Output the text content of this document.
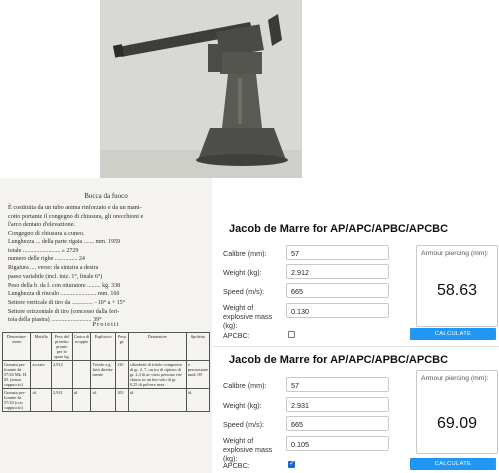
Bocca da fuoco
È costituita da un tubo anima rinforzato e da un mani-
cotto portante il congegno di chiusura, gli orecchioni e
l'arco dentato d'elevazione.
Congegno di chiusura a cuneo.
Lunghezza ... della parte rigata ....... mm. 1959
totale ......................... » 2729
numero delle righe ............... 24
Rigatura .... verso: da sinistra a destra
passo variabile (incl. iniz. 1°, finale 6°)
Peso della b. da f. con otturatore ......... kg. 338
Lunghezza di rinculo ........................ mm. 160
Settore verticale di tiro da .............. −10° a + 15°
Settore orizzontale di tiro (concesso dalla feri-
toia della piastra) ........................... 39°
Proietti
Denomina-zione	Metallo	Peso del proietto pronto per lo sparo kg.	Carica di scoppio	Esplosivo	Peso gr.	Detonatore	Spoletta
Granata per-forante da 57/43 Mk. H. M. (senza cappuccio)	acciaio	2,912		Tritolo a g. fuso diretta-mente	130	cilindretti di tritolo compresso di gr. 2, 7, carico di ripieno di gr. 2,4 di ac-ciaio pressato rin-chiuso in un bos-solo di gr. 0,25 di polvere nera	a percussione mod. 09
Granata per-forante da 57/43 (con cappuccio)	id.	2,931	id.	id.	105	id.	id.
Jacob de Marre for AP/APC/APBC/APCBC
Calibre (mm):	57
Weight (kg):	2.912
Speed (m/s):	665
Weight of explosive mass (kg):
0.130
APCBC:
Armour piercing (mm):
58.63
CALCULATE
Jacob de Marre for AP/APC/APBC/APCBC
Calibre (mm):	57
Weight (kg):	2.931
Speed (m/s):	665
Weight of explosive mass (kg):
0.105
APCBC:
✓
Armour piercing (mm):
69.09
CALCULATE
